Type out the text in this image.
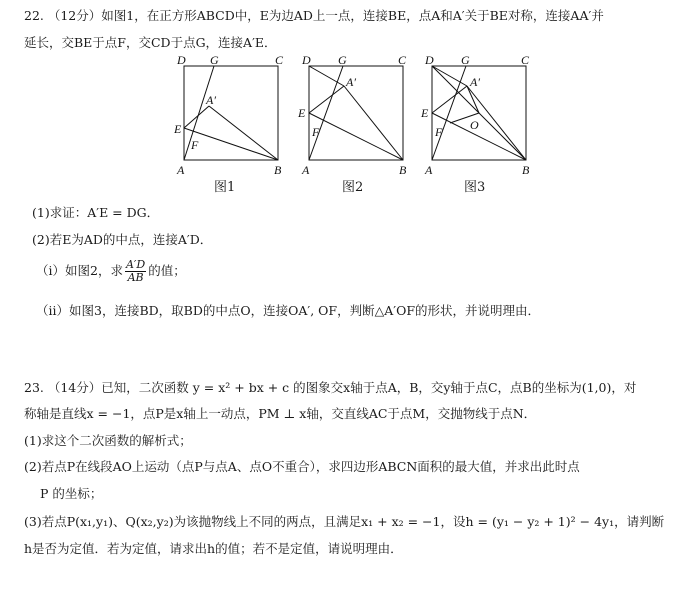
22. （12分）如图1，在正方形ABCD中，E为边AD上一点，连接BE，点A和A′关于BE对称，连接AA′并
延长，交BE于点F，交CD于点G，连接A′E．
D G	C
A′
E
F
A	B
D G	C
A′
E
F
A	B
D G	C
A′
E
F O
A	B
图1	图2	图3
(1)求证：A′E = DG．
(2)若E为AD的中点，连接A′D．
（i）如图2，求 $\frac{A'D}{AB}$ 的值；
（ii）如图3，连接BD，取BD的中点O，连接OA′, OF，判断△A′OF的形状，并说明理由．
23. （14分）已知，二次函数 y = x² + bx + c 的图象交x轴于点A，B，交y轴于点C，点B的坐标为(1,0)，对
称轴是直线x = −1，点P是x轴上一动点，PM ⊥ x轴，交直线AC于点M，交抛物线于点N．
(1)求这个二次函数的解析式；
(2)若点P在线段AO上运动（点P与点A、点O不重合），求四边形ABCN面积的最大值，并求出此时点
P 的坐标；
(3)若点P(x₁,y₁)、Q(x₂,y₂)为该抛物线上不同的两点，且满足x₁ + x₂ = −1，设h = (y₁ − y₂ + 1)² − 4y₁，请判断
h是否为定值．若为定值，请求出h的值；若不是定值，请说明理由．
